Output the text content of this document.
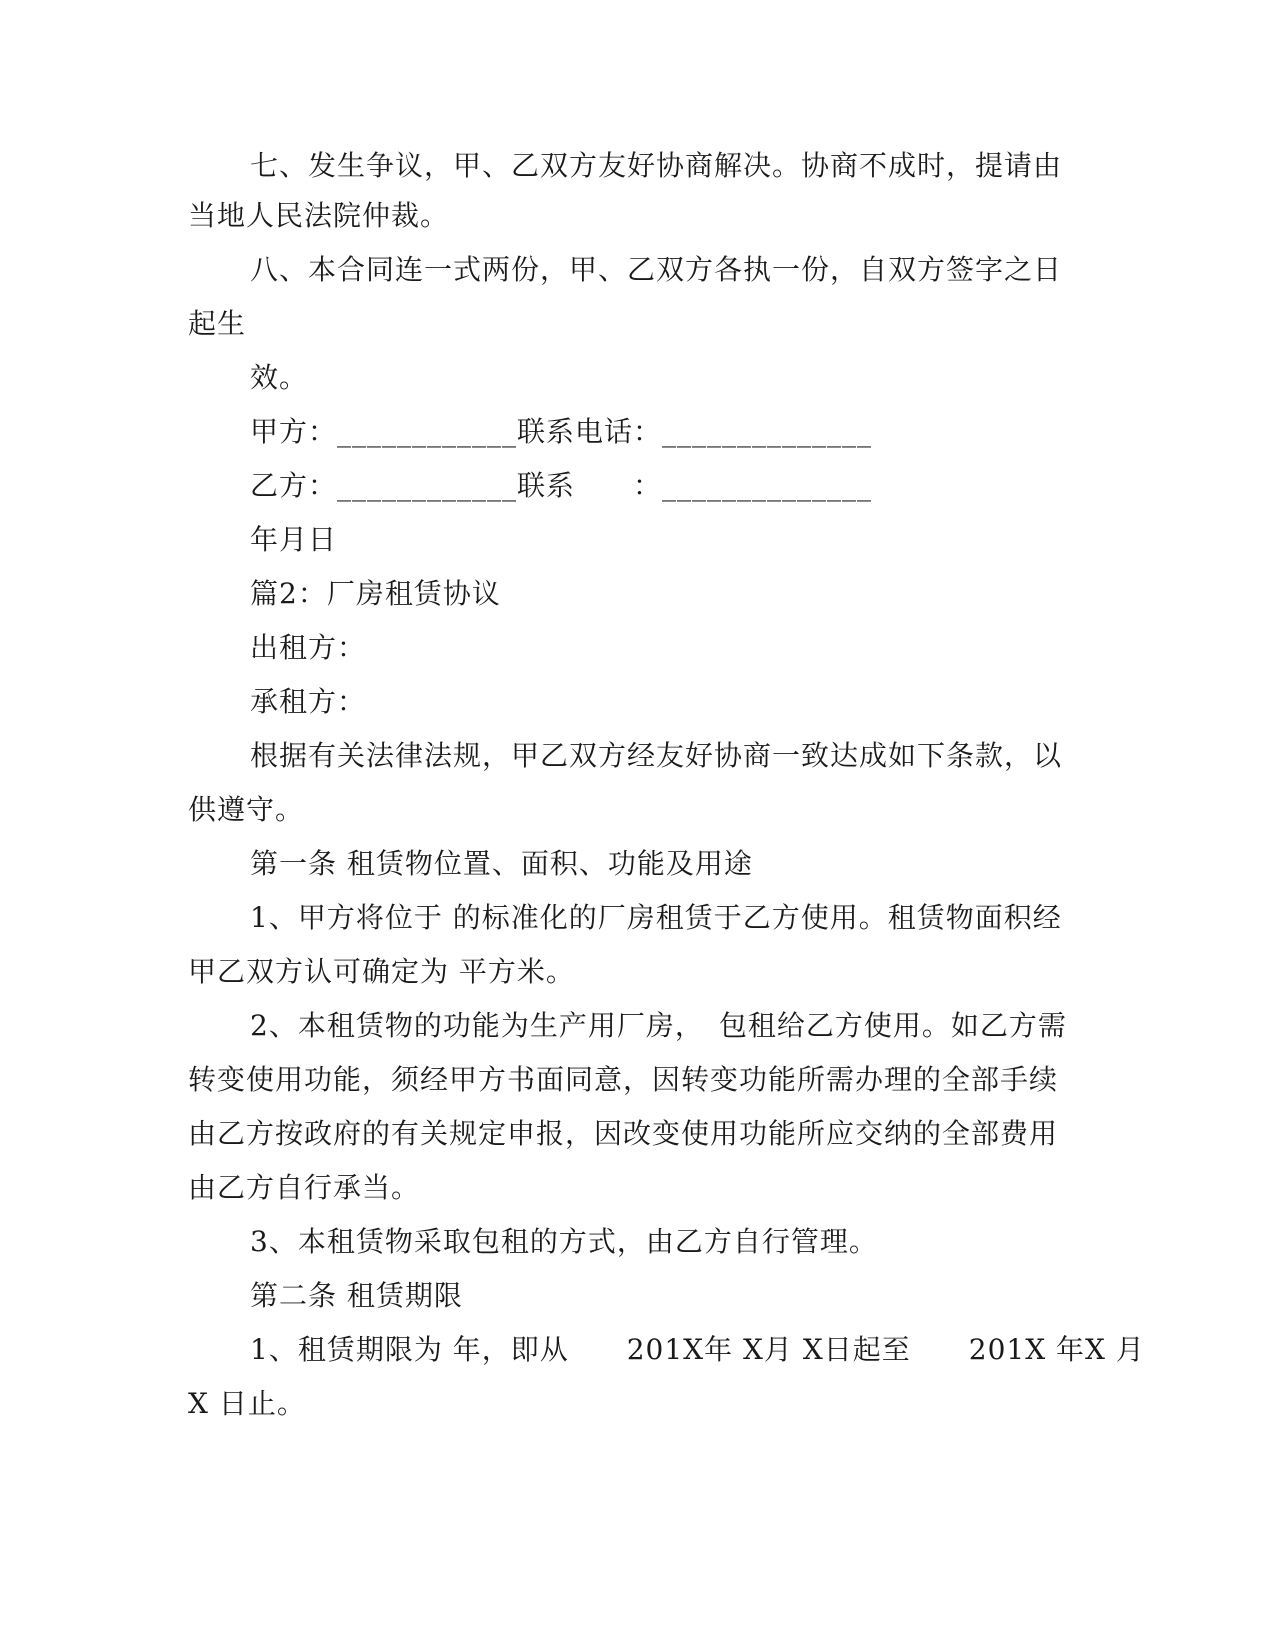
七、发生争议，甲、乙双方友好协商解决。协商不成时，提请由
当地人民法院仲裁。
八、本合同连一式两份，甲、乙双方各执一份，自双方签字之日
起生
效。
甲方：____________联系电话：______________
乙方：____________联系　　：______________
年月日
篇2：厂房租赁协议
出租方：
承租方：
根据有关法律法规，甲乙双方经友好协商一致达成如下条款，以
供遵守。
第一条 租赁物位置、面积、功能及用途
1、甲方将位于 的标准化的厂房租赁于乙方使用。租赁物面积经
甲乙双方认可确定为 平方米。
2、本租赁物的功能为生产用厂房，　包租给乙方使用。如乙方需
转变使用功能，须经甲方书面同意，因转变功能所需办理的全部手续
由乙方按政府的有关规定申报，因改变使用功能所应交纳的全部费用
由乙方自行承当。
3、本租赁物采取包租的方式，由乙方自行管理。
第二条 租赁期限
1、租赁期限为 年，即从　　201X年 X月 X日起至　　201X 年X 月
X 日止。
